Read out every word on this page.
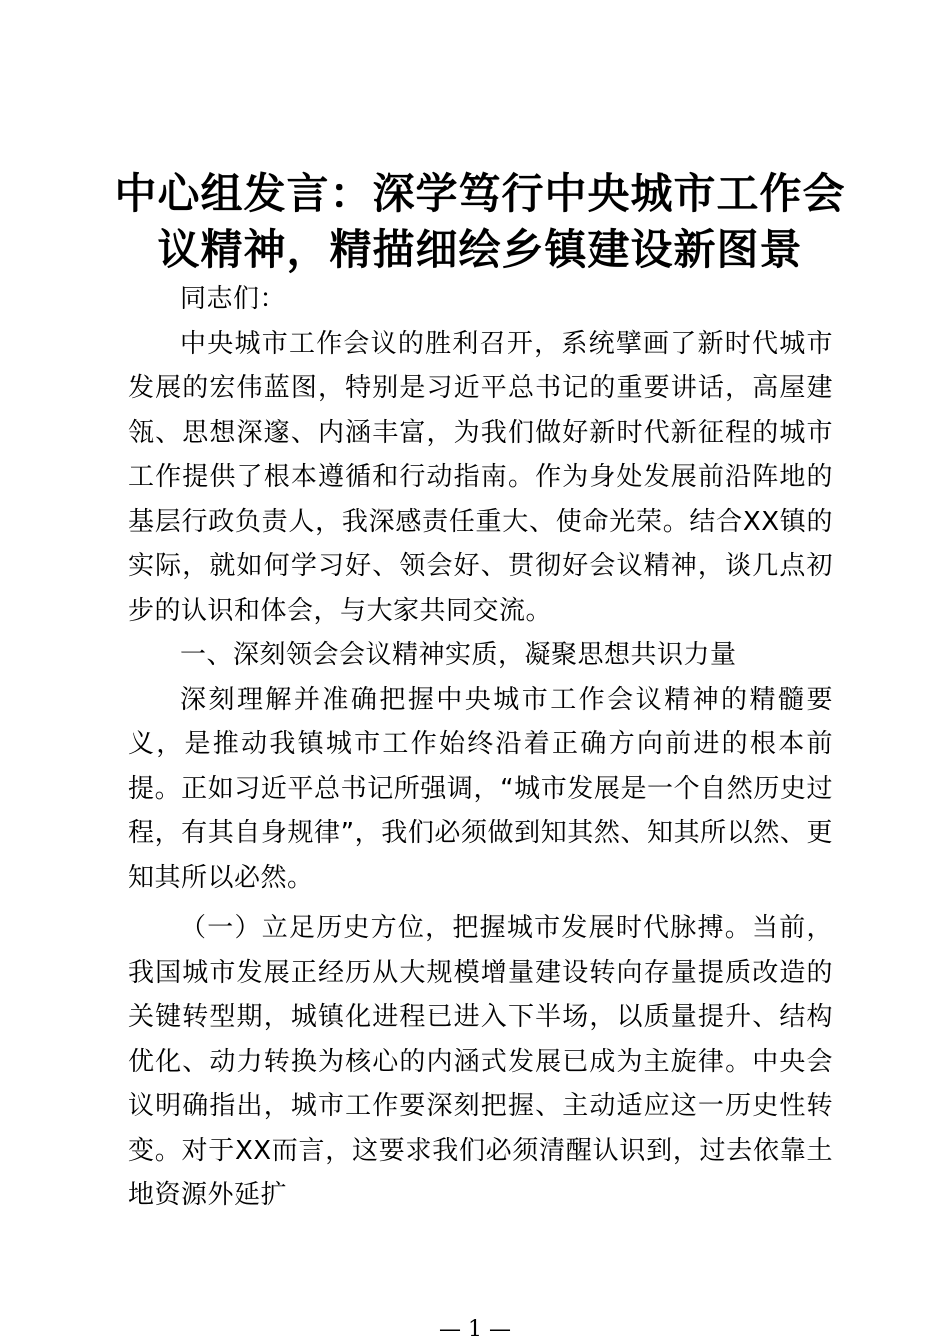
中心组发言：深学笃行中央城市工作会议精神，精描细绘乡镇建设新图景

同志们：

中央城市工作会议的胜利召开，系统擘画了新时代城市发展的宏伟蓝图，特别是习近平总书记的重要讲话，高屋建瓴、思想深邃、内涵丰富，为我们做好新时代新征程的城市工作提供了根本遵循和行动指南。作为身处发展前沿阵地的基层行政负责人，我深感责任重大、使命光荣。结合XX镇的实际，就如何学习好、领会好、贯彻好会议精神，谈几点初步的认识和体会，与大家共同交流。

一、深刻领会会议精神实质，凝聚思想共识力量

深刻理解并准确把握中央城市工作会议精神的精髓要义，是推动我镇城市工作始终沿着正确方向前进的根本前提。正如习近平总书记所强调，“城市发展是一个自然历史过程，有其自身规律”，我们必须做到知其然、知其所以然、更知其所以必然。

（一）立足历史方位，把握城市发展时代脉搏。当前，我国城市发展正经历从大规模增量建设转向存量提质改造的关键转型期，城镇化进程已进入下半场，以质量提升、结构优化、动力转换为核心的内涵式发展已成为主旋律。中央会议明确指出，城市工作要深刻把握、主动适应这一历史性转变。对于XX而言，这要求我们必须清醒认识到，过去依靠土地资源外延扩

— 1 —
